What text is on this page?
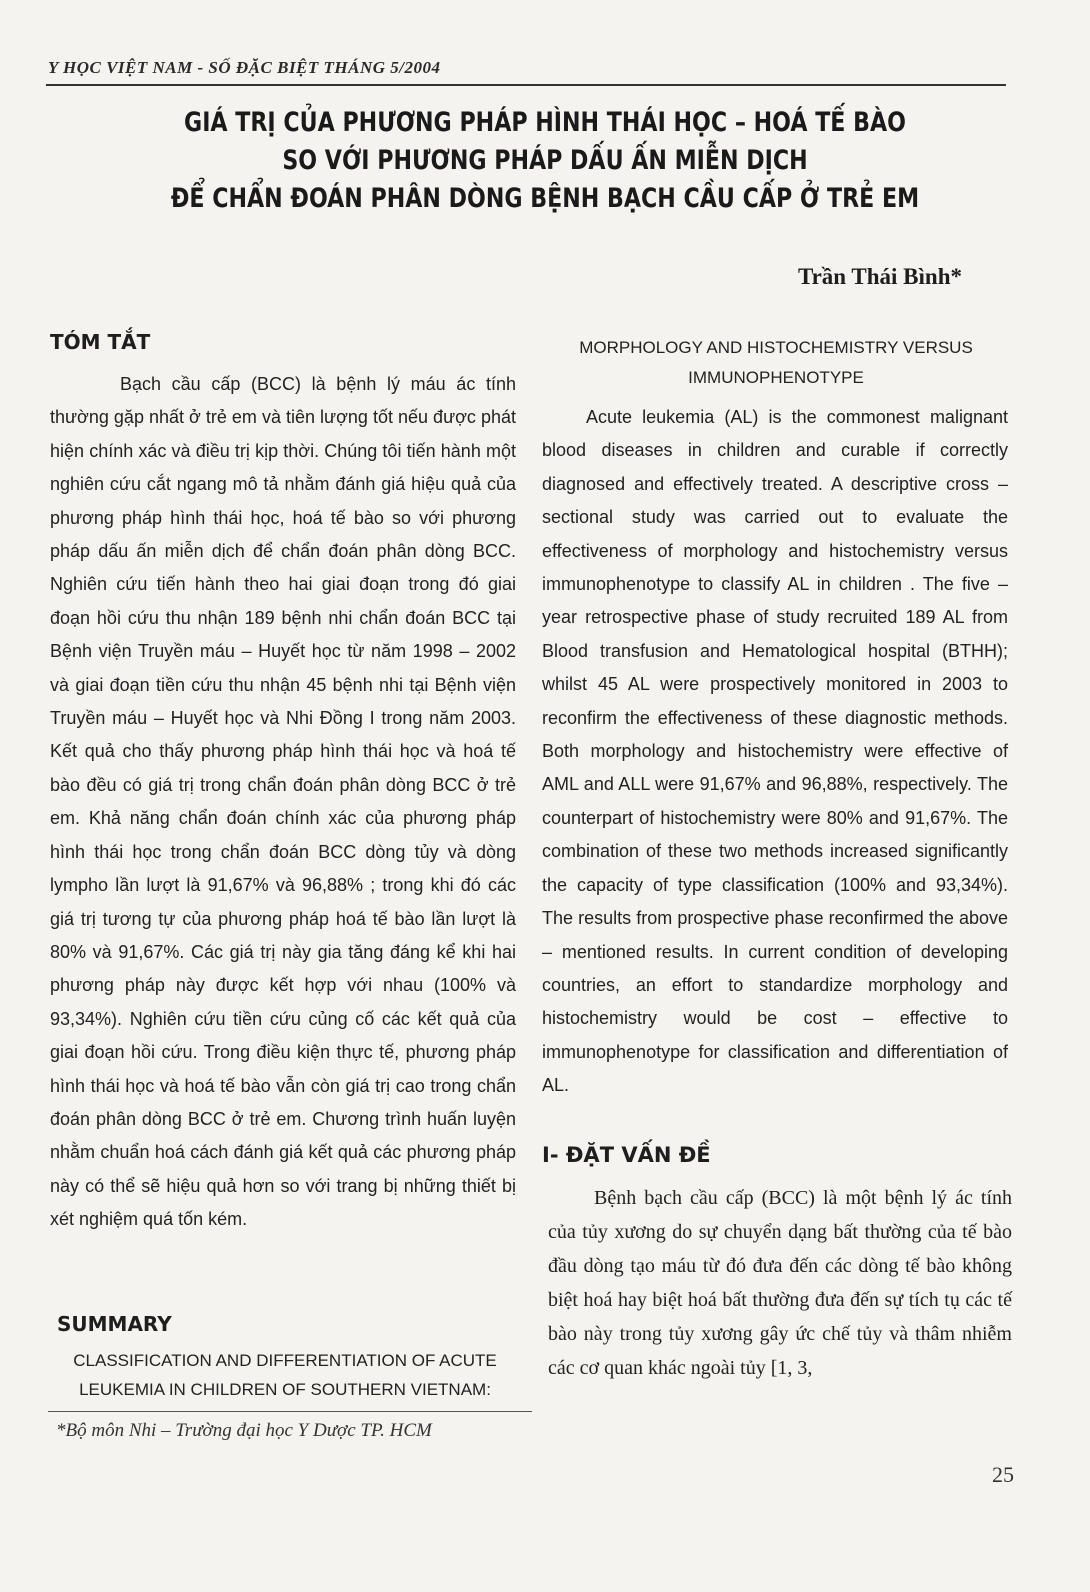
Y HỌC VIỆT NAM - SỐ ĐẶC BIỆT THÁNG 5/2004
GIÁ TRỊ CỦA PHƯƠNG PHÁP HÌNH THÁI HỌC – HOÁ TẾ BÀO
SO VỚI PHƯƠNG PHÁP DẤU ẤN MIỄN DỊCH
ĐỂ CHẨN ĐOÁN PHÂN DÒNG BỆNH BẠCH CẦU CẤP Ở TRẺ EM
Trần Thái Bình*
TÓM TẮT

Bạch cầu cấp (BCC) là bệnh lý máu ác tính thường gặp nhất ở trẻ em và tiên lượng tốt nếu được phát hiện chính xác và điều trị kịp thời. Chúng tôi tiến hành một nghiên cứu cắt ngang mô tả nhằm đánh giá hiệu quả của phương pháp hình thái học, hoá tế bào so với phương pháp dấu ấn miễn dịch để chẩn đoán phân dòng BCC. Nghiên cứu tiến hành theo hai giai đoạn trong đó giai đoạn hồi cứu thu nhận 189 bệnh nhi chẩn đoán BCC tại Bệnh viện Truyền máu – Huyết học từ năm 1998 – 2002 và giai đoạn tiền cứu thu nhận 45 bệnh nhi tại Bệnh viện Truyền máu – Huyết học và Nhi Đồng I trong năm 2003. Kết quả cho thấy phương pháp hình thái học và hoá tế bào đều có giá trị trong chẩn đoán phân dòng BCC ở trẻ em. Khả năng chẩn đoán chính xác của phương pháp hình thái học trong chẩn đoán BCC dòng tủy và dòng lympho lần lượt là 91,67% và 96,88% ; trong khi đó các giá trị tương tự của phương pháp hoá tế bào lần lượt là 80% và 91,67%. Các giá trị này gia tăng đáng kể khi hai phương pháp này được kết hợp với nhau (100% và 93,34%). Nghiên cứu tiền cứu củng cố các kết quả của giai đoạn hồi cứu. Trong điều kiện thực tế, phương pháp hình thái học và hoá tế bào vẫn còn giá trị cao trong chẩn đoán phân dòng BCC ở trẻ em. Chương trình huấn luyện nhằm chuẩn hoá cách đánh giá kết quả các phương pháp này có thể sẽ hiệu quả hơn so với trang bị những thiết bị xét nghiệm quá tốn kém.

SUMMARY
CLASSIFICATION AND DIFFERENTIATION OF ACUTE LEUKEMIA IN CHILDREN OF SOUTHERN VIETNAM:
MORPHOLOGY AND HISTOCHEMISTRY VERSUS IMMUNOPHENOTYPE

Acute leukemia (AL) is the commonest malignant blood diseases in children and curable if correctly diagnosed and effectively treated. A descriptive cross – sectional study was carried out to evaluate the effectiveness of morphology and histochemistry versus immunophenotype to classify AL in children . The five – year retrospective phase of study recruited 189 AL from Blood transfusion and Hematological hospital (BTHH); whilst 45 AL were prospectively monitored in 2003 to reconfirm the effectiveness of these diagnostic methods. Both morphology and histochemistry were effective of AML and ALL were 91,67% and 96,88%, respectively. The counterpart of histochemistry were 80% and 91,67%. The combination of these two methods increased significantly the capacity of type classification (100% and 93,34%). The results from prospective phase reconfirmed the above – mentioned results. In current condition of developing countries, an effort to standardize morphology and histochemistry would be cost – effective to immunophenotype for classification and differentiation of AL.

I- ĐẶT VẤN ĐỀ

Bệnh bạch cầu cấp (BCC) là một bệnh lý ác tính của tủy xương do sự chuyển dạng bất thường của tế bào đầu dòng tạo máu từ đó đưa đến các dòng tế bào không biệt hoá hay biệt hoá bất thường đưa đến sự tích tụ các tế bào này trong tủy xương gây ức chế tủy và thâm nhiễm các cơ quan khác ngoài tủy [1, 3,

*Bộ môn Nhi – Trường đại học Y Dược TP. HCM
25
